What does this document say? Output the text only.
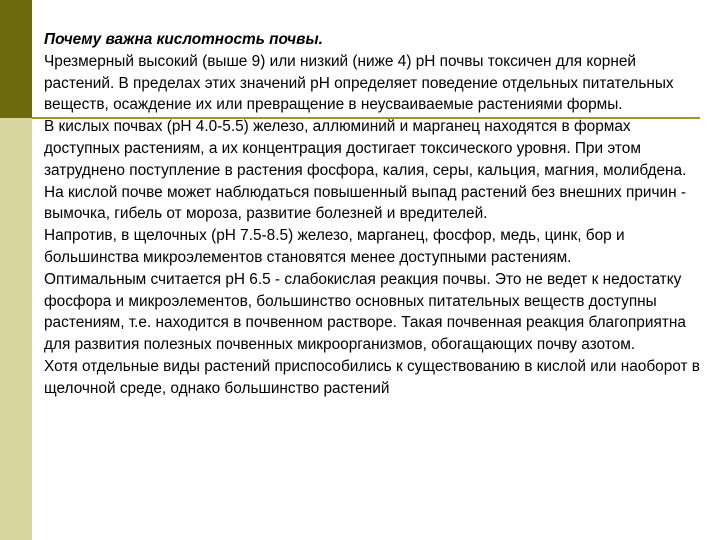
Почему важна кислотность почвы.
Чрезмерный высокий (выше 9) или низкий (ниже 4) pH почвы токсичен для корней растений. В пределах этих значений pH определяет поведение отдельных питательных веществ, осаждение их или превращение в неусваиваемые растениями формы.
В кислых почвах (pH 4.0-5.5) железо, аллюминий и марганец находятся в формах доступных растениям, а их концентрация достигает токсического уровня. При этом затруднено поступление в растения фосфора, калия, серы, кальция, магния, молибдена. На кислой почве может наблюдаться повышенный выпад растений без внешних причин - вымочка, гибель от мороза, развитие болезней и вредителей.
Напротив, в щелочных (pH 7.5-8.5) железо, марганец, фосфор, медь, цинк, бор и большинства микроэлементов становятся менее доступными растениям.
Оптимальным считается pH 6.5 - слабокислая реакция почвы. Это не ведет к недостатку фосфора и микроэлементов, большинство основных питательных веществ доступны растениям, т.е. находится в почвенном растворе. Такая почвенная реакция благоприятна для развития полезных почвенных микроорганизмов, обогащающих почву азотом.
Хотя отдельные виды растений приспособились к существованию в кислой или наоборот в щелочной среде, однако большинство растений
